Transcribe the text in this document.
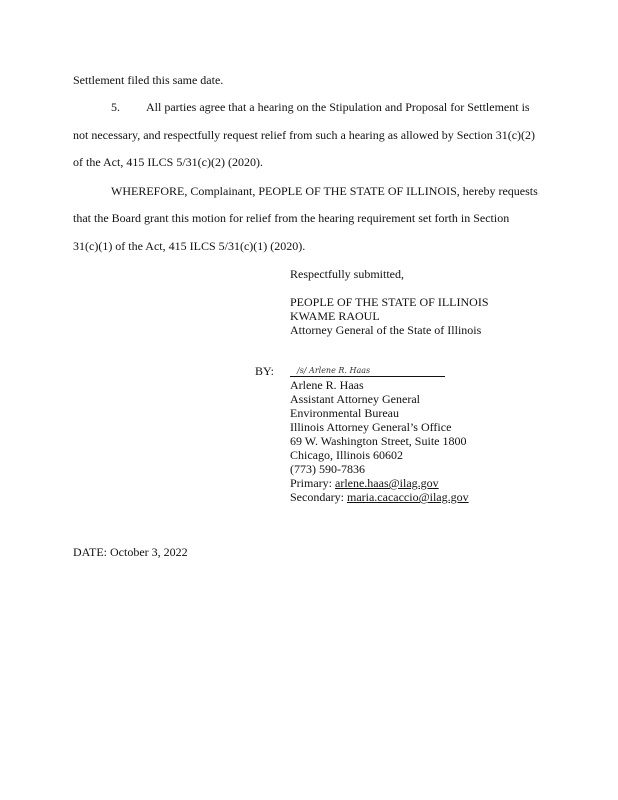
Settlement filed this same date.
5. All parties agree that a hearing on the Stipulation and Proposal for Settlement is
not necessary, and respectfully request relief from such a hearing as allowed by Section 31(c)(2)
of the Act, 415 ILCS 5/31(c)(2) (2020).
WHEREFORE, Complainant, PEOPLE OF THE STATE OF ILLINOIS, hereby requests
that the Board grant this motion for relief from the hearing requirement set forth in Section
31(c)(1) of the Act, 415 ILCS 5/31(c)(1) (2020).
Respectfully submitted,
PEOPLE OF THE STATE OF ILLINOIS
KWAME RAOUL
Attorney General of the State of Illinois
BY:	/s/ Arlene R. Haas
Arlene R. Haas
Assistant Attorney General
Environmental Bureau
Illinois Attorney General’s Office
69 W. Washington Street, Suite 1800
Chicago, Illinois 60602
(773) 590-7836
Primary: arlene.haas@ilag.gov
Secondary: maria.cacaccio@ilag.gov
DATE: October 3, 2022
